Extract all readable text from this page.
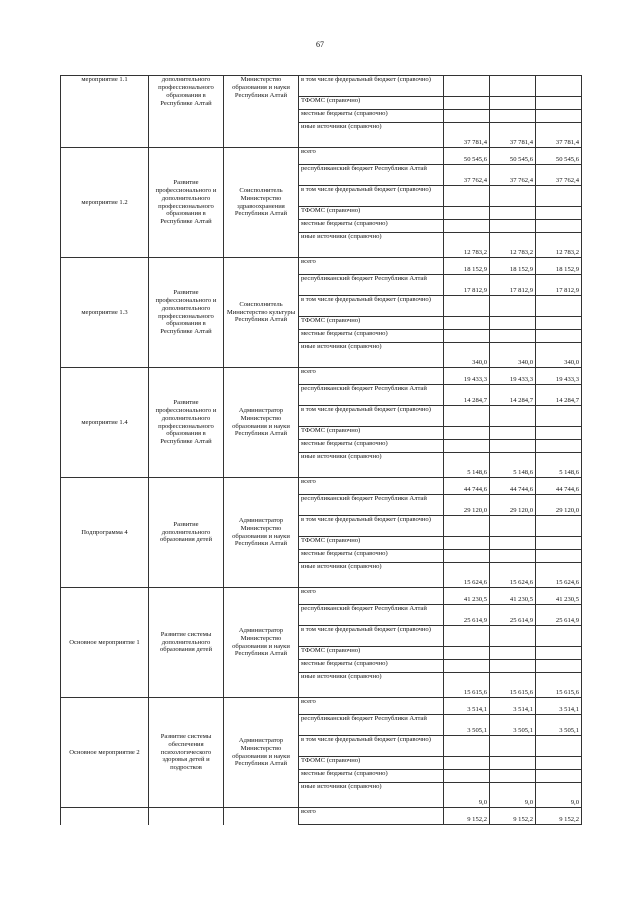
67
мероприятие 1.1	дополнительного профессионального образования в Республике Алтай	Министерство образования и науки Республики Алтай	в том числе федеральный бюджет (справочно)			
			ТФОМС (справочно)			
			местные бюджеты (справочно)			
			иные источники (справочно)	37 781,4	37 781,4	37 781,4
мероприятие 1.2	Развитие профессионального и дополнительного профессионального образования в Республике Алтай	Соисполнитель Министерство здравоохранения Республики Алтай	всего	50 545,6	50 545,6	50 545,6
			республиканский бюджет Республики Алтай	37 762,4	37 762,4	37 762,4
			в том числе федеральный бюджет (справочно)			
			ТФОМС (справочно)			
			местные бюджеты (справочно)			
			иные источники (справочно)	12 783,2	12 783,2	12 783,2
мероприятие 1.3	Развитие профессионального и дополнительного профессионального образования в Республике Алтай	Соисполнитель Министерство культуры Республики Алтай	всего	18 152,9	18 152,9	18 152,9
			республиканский бюджет Республики Алтай	17 812,9	17 812,9	17 812,9
			в том числе федеральный бюджет (справочно)			
			ТФОМС (справочно)			
			местные бюджеты (справочно)			
			иные источники (справочно)	340,0	340,0	340,0
мероприятие 1.4	Развитие профессионального и дополнительного профессионального образования в Республике Алтай	Администратор Министерство образования и науки Республики Алтай	всего	19 433,3	19 433,3	19 433,3
			республиканский бюджет Республики Алтай	14 284,7	14 284,7	14 284,7
			в том числе федеральный бюджет (справочно)			
			ТФОМС (справочно)			
			местные бюджеты (справочно)			
			иные источники (справочно)	5 148,6	5 148,6	5 148,6
Подпрограмма 4	Развитие дополнительного образования детей	Администратор Министерство образования и науки Республики Алтай	всего	44 744,6	44 744,6	44 744,6
			республиканский бюджет Республики Алтай	29 120,0	29 120,0	29 120,0
			в том числе федеральный бюджет (справочно)			
			ТФОМС (справочно)			
			местные бюджеты (справочно)			
			иные источники (справочно)	15 624,6	15 624,6	15 624,6
Основное мероприятие 1	Развитие системы дополнительного образования детей	Администратор Министерство образования и науки Республики Алтай	всего	41 230,5	41 230,5	41 230,5
			республиканский бюджет Республики Алтай	25 614,9	25 614,9	25 614,9
			в том числе федеральный бюджет (справочно)			
			ТФОМС (справочно)			
			местные бюджеты (справочно)			
			иные источники (справочно)	15 615,6	15 615,6	15 615,6
Основное мероприятие 2	Развитие системы обеспечения психологического здоровья детей и подростков	Администратор Министерство образования и науки Республики Алтай	всего	3 514,1	3 514,1	3 514,1
			республиканский бюджет Республики Алтай	3 505,1	3 505,1	3 505,1
			в том числе федеральный бюджет (справочно)			
			ТФОМС (справочно)			
			местные бюджеты (справочно)			
			иные источники (справочно)	9,0	9,0	9,0
			всего	9 152,2	9 152,2	9 152,2
